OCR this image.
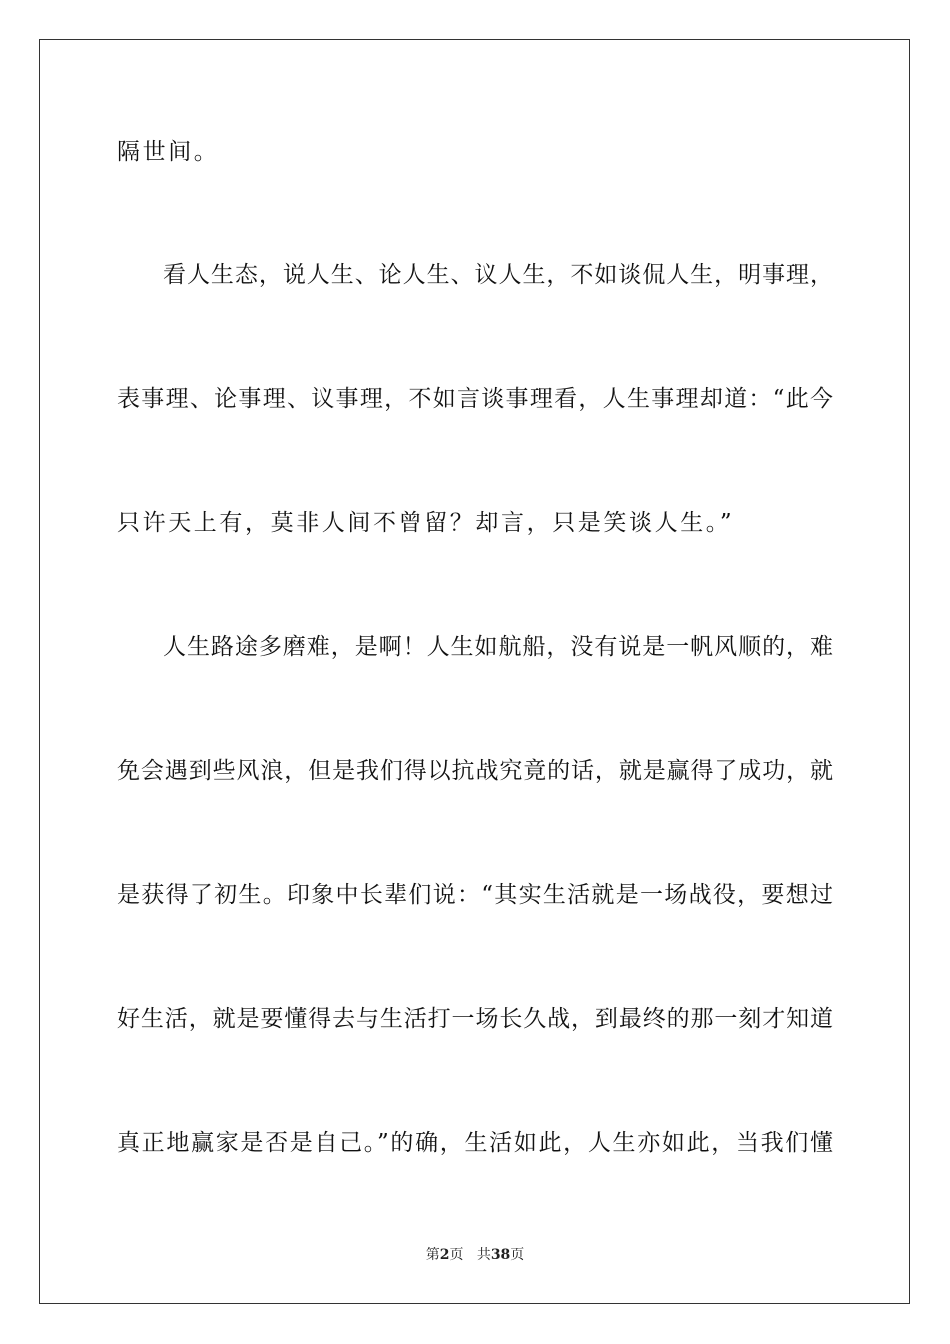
隔世间。
看人生态，说人生、论人生、议人生，不如谈侃人生，明事理，
表事理、论事理、议事理，不如言谈事理看，人生事理却道：“此今
只许天上有，莫非人间不曾留？却言，只是笑谈人生。”
人生路途多磨难，是啊！人生如航船，没有说是一帆风顺的，难
免会遇到些风浪，但是我们得以抗战究竟的话，就是赢得了成功，就
是获得了初生。印象中长辈们说：“其实生活就是一场战役，要想过
好生活，就是要懂得去与生活打一场长久战，到最终的那一刻才知道
真正地赢家是否是自己。”的确，生活如此，人生亦如此，当我们懂
第2页 共38页
